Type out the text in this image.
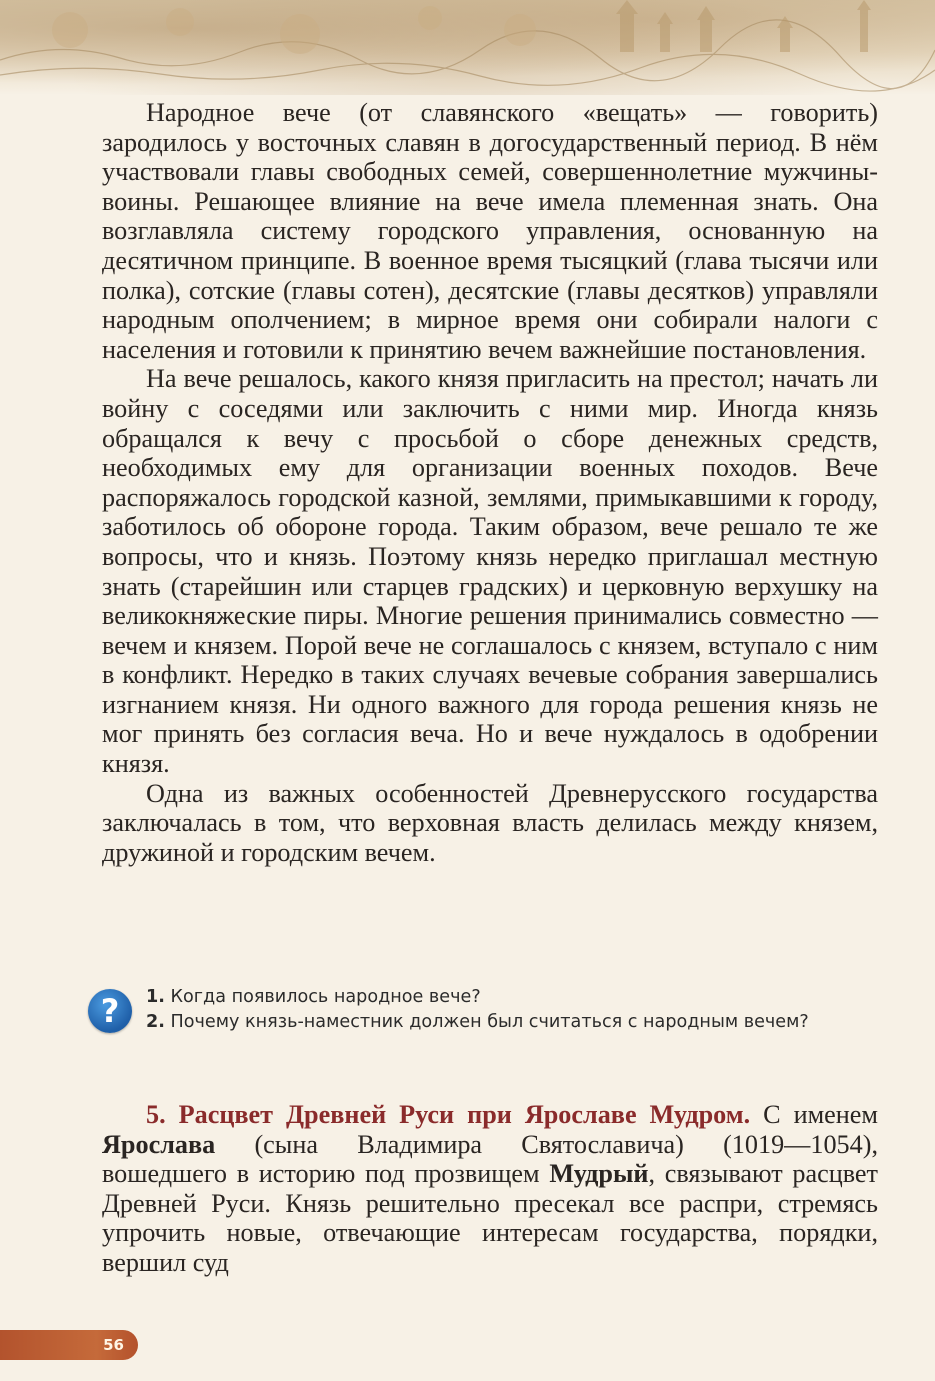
Народное вече (от славянского «вещать» — говорить) зародилось у восточных славян в догосударственный период. В нём участвовали главы свободных семей, совершеннолетние мужчины-воины. Решающее влияние на вече имела племенная знать. Она возглавляла систему городского управления, основанную на десятичном принципе. В военное время тысяцкий (глава тысячи или полка), сотские (главы сотен), десятские (главы десятков) управляли народным ополчением; в мирное время они собирали налоги с населения и готовили к принятию вечем важнейшие постановления.

На вече решалось, какого князя пригласить на престол; начать ли войну с соседями или заключить с ними мир. Иногда князь обращался к вечу с просьбой о сборе денежных средств, необходимых ему для организации военных походов. Вече распоряжалось городской казной, землями, примыкавшими к городу, заботилось об обороне города. Таким образом, вече решало те же вопросы, что и князь. Поэтому князь нередко приглашал местную знать (старейшин или старцев градских) и церковную верхушку на великокняжеские пиры. Многие решения принимались совместно — вечем и князем. Порой вече не соглашалось с князем, вступало с ним в конфликт. Нередко в таких случаях вечевые собрания завершались изгнанием князя. Ни одного важного для города решения князь не мог принять без согласия веча. Но и вече нуждалось в одобрении князя.

Одна из важных особенностей Древнерусского государства заключалась в том, что верховная власть делилась между князем, дружиной и городским вечем.

?	1. Когда появилось народное вече?
2. Почему князь-наместник должен был считаться с народным вечем?

5. Расцвет Древней Руси при Ярославе Мудром. С именем Ярослава (сына Владимира Святославича) (1019—1054), вошедшего в историю под прозвищем Мудрый, связывают расцвет Древней Руси. Князь решительно пресекал все распри, стремясь упрочить новые, отвечающие интересам государства, порядки, вершил суд

56
